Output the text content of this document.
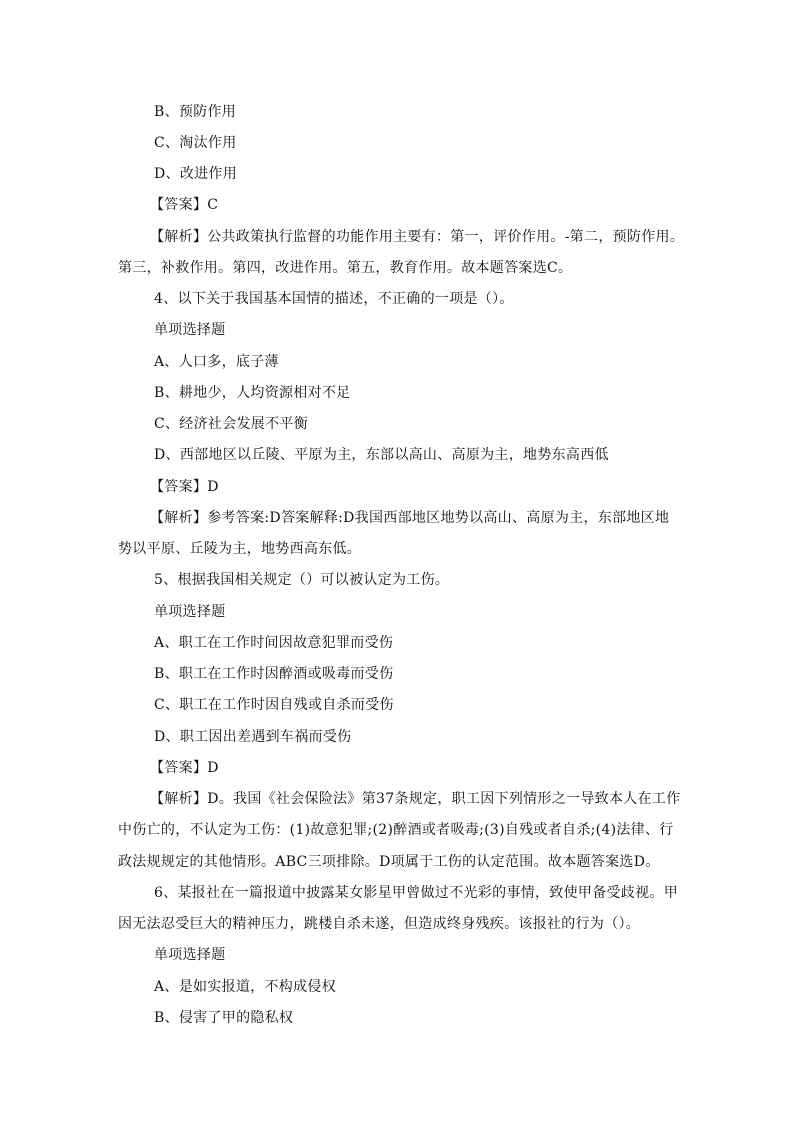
B、预防作用
C、淘汰作用
D、改进作用
【答案】C
【解析】公共政策执行监督的功能作用主要有：第一，评价作用。-第二，预防作用。
第三，补救作用。第四，改进作用。第五，教育作用。故本题答案选C。
4、以下关于我国基本国情的描述，不正确的一项是（）。
单项选择题
A、人口多，底子薄
B、耕地少，人均资源相对不足
C、经济社会发展不平衡
D、西部地区以丘陵、平原为主，东部以高山、高原为主，地势东高西低
【答案】D
【解析】参考答案:D答案解释:D我国西部地区地势以高山、高原为主，东部地区地
势以平原、丘陵为主，地势西高东低。
5、根据我国相关规定（）可以被认定为工伤。
单项选择题
A、职工在工作时间因故意犯罪而受伤
B、职工在工作时因醉酒或吸毒而受伤
C、职工在工作时因自残或自杀而受伤
D、职工因出差遇到车祸而受伤
【答案】D
【解析】D。我国《社会保险法》第37条规定，职工因下列情形之一导致本人在工作
中伤亡的，不认定为工伤：(1)故意犯罪;(2)醉酒或者吸毒;(3)自残或者自杀;(4)法律、行
政法规规定的其他情形。ABC三项排除。D项属于工伤的认定范围。故本题答案选D。
6、某报社在一篇报道中披露某女影星甲曾做过不光彩的事情，致使甲备受歧视。甲
因无法忍受巨大的精神压力，跳楼自杀未遂，但造成终身残疾。该报社的行为（）。
单项选择题
A、是如实报道，不构成侵权
B、侵害了甲的隐私权
